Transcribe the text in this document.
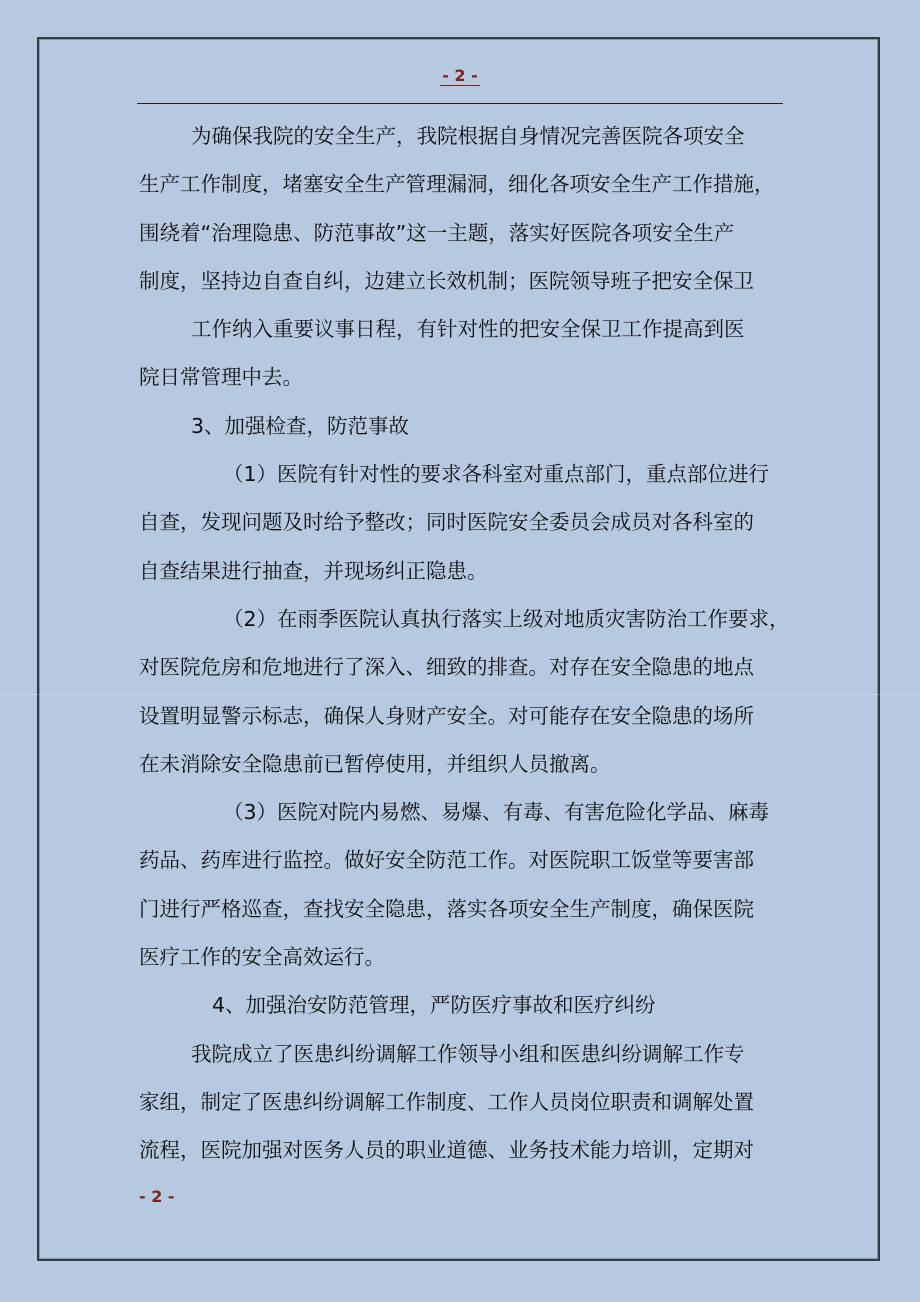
- 2 -

为确保我院的安全生产，我院根据自身情况完善医院各项安全

生产工作制度，堵塞安全生产管理漏洞，细化各项安全生产工作措施，

围绕着“治理隐患、防范事故”这一主题，落实好医院各项安全生产

制度，坚持边自查自纠，边建立长效机制；医院领导班子把安全保卫

工作纳入重要议事日程，有针对性的把安全保卫工作提高到医

院日常管理中去。

3、加强检查，防范事故

（1）医院有针对性的要求各科室对重点部门，重点部位进行

自查，发现问题及时给予整改；同时医院安全委员会成员对各科室的

自查结果进行抽查，并现场纠正隐患。

（2）在雨季医院认真执行落实上级对地质灾害防治工作要求，

对医院危房和危地进行了深入、细致的排查。对存在安全隐患的地点

设置明显警示标志，确保人身财产安全。对可能存在安全隐患的场所

在未消除安全隐患前已暂停使用，并组织人员撤离。

（3）医院对院内易燃、易爆、有毒、有害危险化学品、麻毒

药品、药库进行监控。做好安全防范工作。对医院职工饭堂等要害部

门进行严格巡查，查找安全隐患，落实各项安全生产制度，确保医院

医疗工作的安全高效运行。

4、加强治安防范管理，严防医疗事故和医疗纠纷

我院成立了医患纠纷调解工作领导小组和医患纠纷调解工作专

家组，制定了医患纠纷调解工作制度、工作人员岗位职责和调解处置

流程，医院加强对医务人员的职业道德、业务技术能力培训，定期对

- 2 -
